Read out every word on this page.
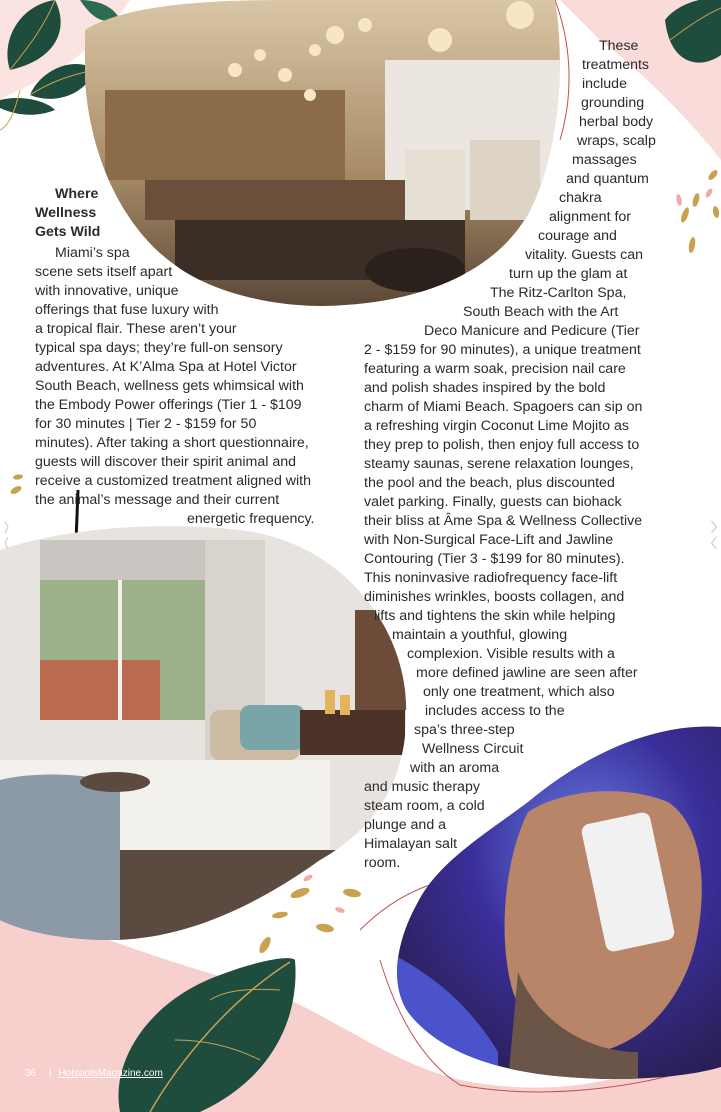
Where

Wellness

Gets Wild

Miami’s spa

scene sets itself apart

with innovative, unique

offerings that fuse luxury with

a tropical flair. These aren’t your

typical spa days; they’re full-on sensory

adventures. At K’Alma Spa at Hotel Victor

South Beach, wellness gets whimsical with

the Embody Power offerings (Tier 1 - $109

for 30 minutes | Tier 2 - $159 for 50

minutes). After taking a short questionnaire,

guests will discover their spirit animal and

receive a customized treatment aligned with

the animal’s message and their current

energetic frequency.

These

treatments

include

grounding

herbal body

wraps, scalp

massages

and quantum

chakra

alignment for

courage and

vitality. Guests can

turn up the glam at

The Ritz-Carlton Spa,

South Beach with the Art

Deco Manicure and Pedicure (Tier

2 - $159 for 90 minutes), a unique treatment

featuring a warm soak, precision nail care

and polish shades inspired by the bold

charm of Miami Beach. Spagoers can sip on

a refreshing virgin Coconut Lime Mojito as

they prep to polish, then enjoy full access to

steamy saunas, serene relaxation lounges,

the pool and the beach, plus discounted

valet parking. Finally, guests can biohack

their bliss at Âme Spa & Wellness Collective

with Non-Surgical Face-Lift and Jawline

Contouring (Tier 3 - $199 for 80 minutes).

This noninvasive radiofrequency face-lift

diminishes wrinkles, boosts collagen, and

lifts and tightens the skin while helping

maintain a youthful, glowing

complexion. Visible results with a

more defined jawline are seen after

only one treatment, which also

includes access to the

spa’s three-step

Wellness Circuit

with an aroma

and music therapy

steam room, a cold

plunge and a

Himalayan salt

room.

36 | HotspotsMagazine.com
